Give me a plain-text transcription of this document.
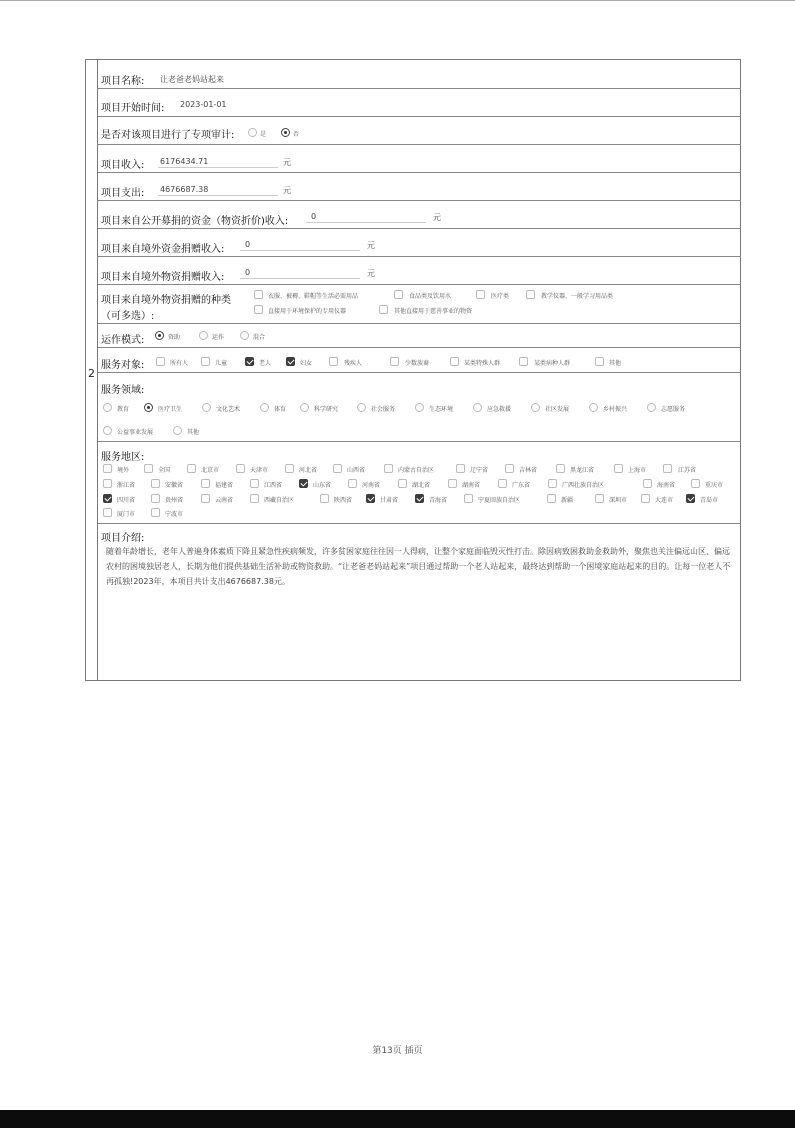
2
项目名称: 让老爸老妈站起来
项目开始时间: 2023-01-01
是否对该项目进行了专项审计:	是	否
项目收入: 6176434.71	元
项目支出: 4676687.38	元
项目来自公开募捐的资金（物资折价)收入:	0	元
项目来自境外资金捐赠收入:	0	元
项目来自境外物资捐赠收入:	0	元
项目来自境外物资捐赠的种类
（可多选）:
衣服、被褥、鞋帽等生活必需用品	食品类及饮用水	医疗类	教学仪器、一般学习用品类
直接用于环境保护的专用仪器	其他直接用于慈善事业的物资
运作模式:	资助	运作	混合
服务对象:	所有人	儿童	老人	妇女	残疾人	少数族裔	某类特殊人群	某类病种人群	其他
服务领域:
教育	医疗卫生	文化艺术	体育	科学研究	社会服务	生态环境	应急救援	社区发展	乡村振兴	志愿服务
公益事业发展	其他
服务地区:
境外	全国	北京市	天津市	河北省	山西省	内蒙古自治区	辽宁省	吉林省	黑龙江省	上海市	江苏省
浙江省	安徽省	福建省	江西省	山东省	河南省	湖北省	湖南省	广东省	广西壮族自治区	海南省	重庆市
四川省	贵州省	云南省	西藏自治区	陕西省	甘肃省	青海省	宁夏回族自治区	新疆	深圳市	大连市	青岛市
厦门市	宁波市
项目介绍:
随着年龄增长，老年人普遍身体素质下降且紧急性疾病频发，许多贫困家庭往往因一人得病，让整个家庭面临毁灭性打击。除因病致困救助金救助外，聚焦也关注偏远山区、偏远农村的困境独居老人，长期为他们提供基础生活补助或物资救助。“让老爸老妈站起来”项目通过帮助一个老人站起来，最终达到帮助一个困境家庭站起来的目的。让每一位老人不再孤独!2023年，本项目共计支出4676687.38元。
第13页 插页
